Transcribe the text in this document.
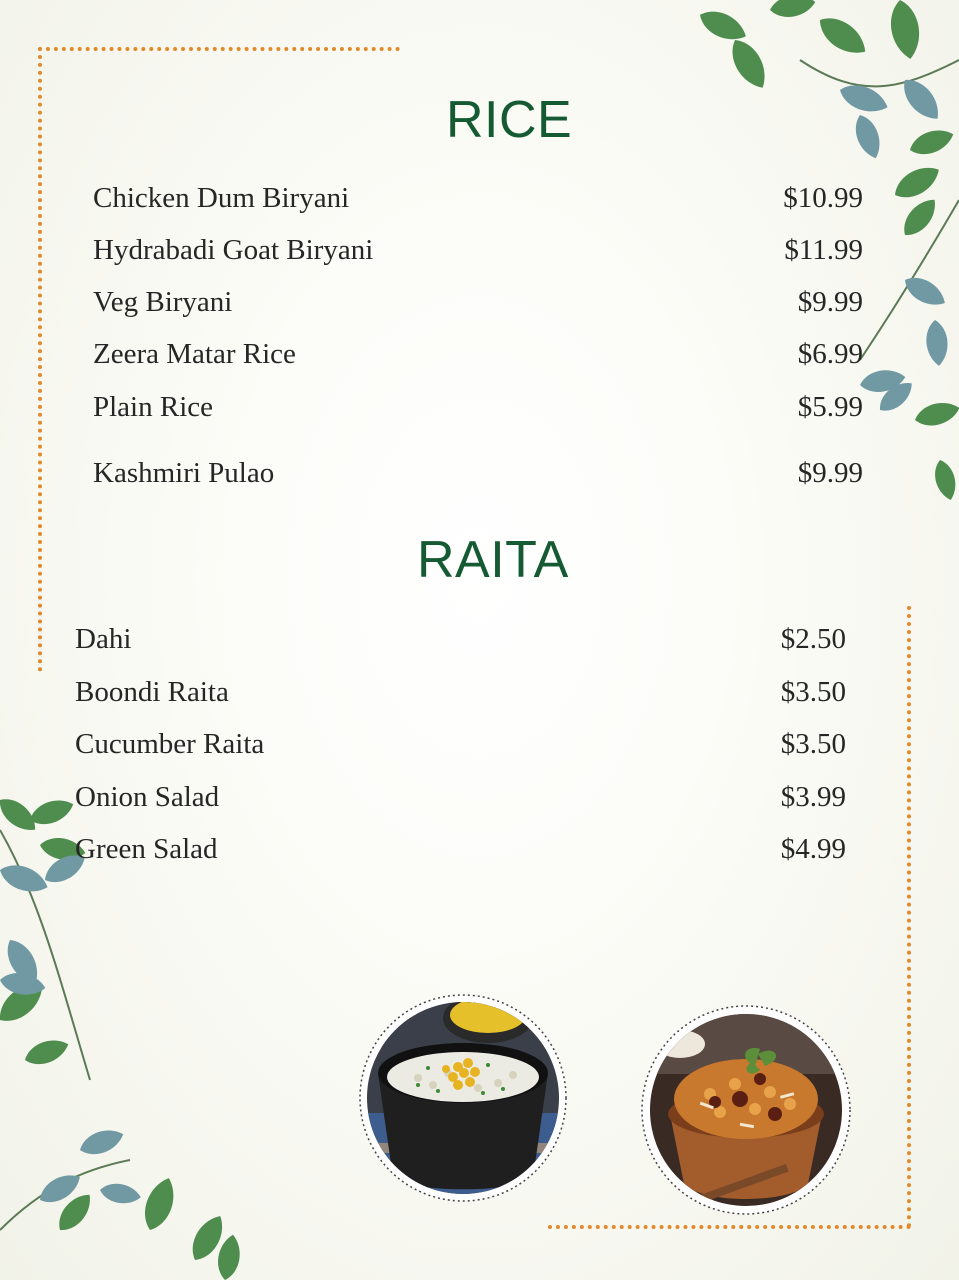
RICE
Chicken Dum Biryani	$10.99
Hydrabadi Goat Biryani	$11.99
Veg Biryani	$9.99
Zeera Matar Rice	$6.99
Plain Rice	$5.99
Kashmiri Pulao	$9.99
RAITA
Dahi	$2.50
Boondi Raita	$3.50
Cucumber Raita	$3.50
Onion Salad	$3.99
Green Salad	$4.99
